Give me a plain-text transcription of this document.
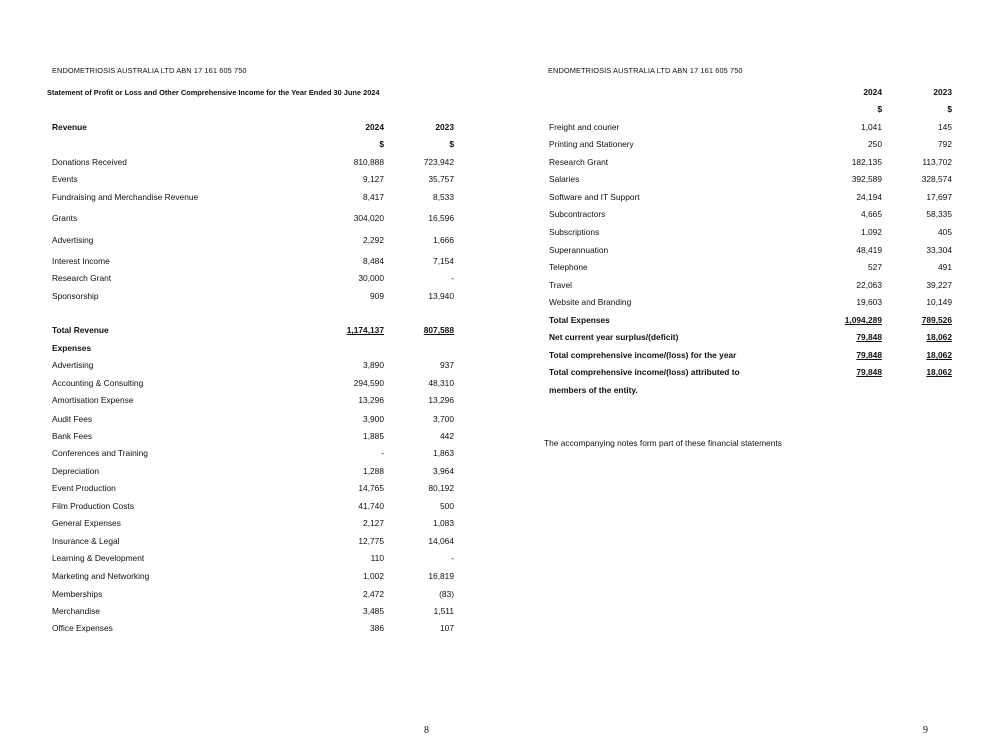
ENDOMETRIOSIS AUSTRALIA LTD ABN 17 161 605 750
Statement of Profit or Loss and Other Comprehensive Income for the Year Ended 30 June 2024
Revenue	2024	2023
$	$
Donations Received	810,888	723,942
Events	9,127	35,757
Fundraising and Merchandise Revenue	8,417	8,533
Grants	304,020	16,596
Advertising	2,292	1,666
Interest Income	8,484	7,154
Research Grant	30,000	-
Sponsorship	909	13,940
Total Revenue	1,174,137	807,588
Expenses
Advertising	3,890	937
Accounting & Consulting	294,590	48,310
Amortisation Expense	13,296	13,296
Audit Fees	3,900	3,700
Bank Fees	1,885	442
Conferences and Training	-	1,863
Depreciation	1,288	3,964
Event Production	14,765	80,192
Film Production Costs	41,740	500
General Expenses	2,127	1,083
Insurance & Legal	12,775	14,064
Learning & Development	110	-
Marketing and Networking	1,002	16,819
Memberships	2,472	(83)
Merchandise	3,485	1,511
Office Expenses	386	107
8
ENDOMETRIOSIS AUSTRALIA LTD ABN 17 161 605 750
2024	2023
$	$
Freight and courier	1,041	145
Printing and Stationery	250	792
Research Grant	182,135	113,702
Salaries	392,589	328,574
Software and IT Support	24,194	17,697
Subcontractors	4,665	58,335
Subscriptions	1,092	405
Superannuation	48,419	33,304
Telephone	527	491
Travel	22,063	39,227
Website and Branding	19,603	10,149
Total Expenses	1,094,289	789,526
Net current year surplus/(deficit)	79,848	18,062
Total comprehensive income/(loss) for the year	79,848	18,062
Total comprehensive income/(loss) attributed to	79,848	18,062
members of the entity.
The accompanying notes form part of these financial statements
9
